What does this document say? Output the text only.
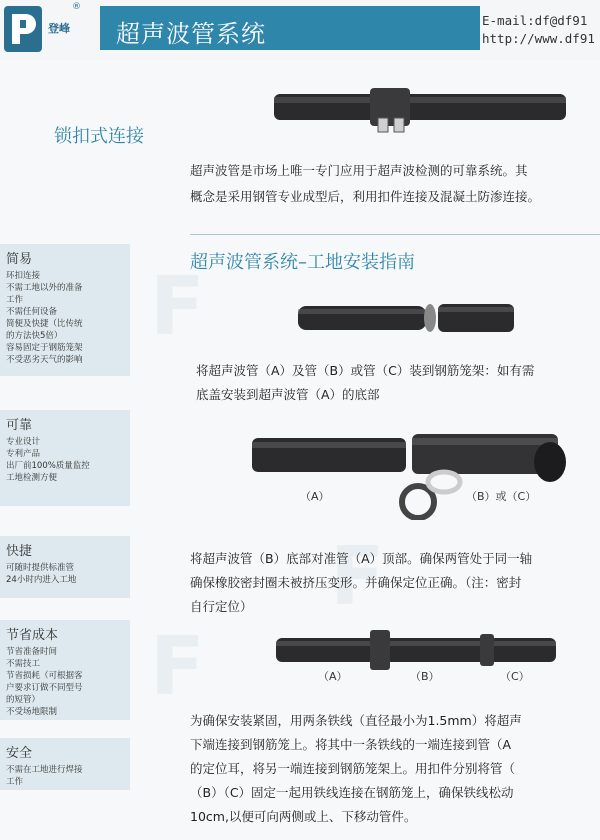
®
登峰 超声波管系统	E-mail:df@df91
http://www.df91
F
F
F
锁扣式连接
超声波管是市场上唯一专门应用于超声波检测的可靠系统。其
概念是采用钢管专业成型后，利用扣件连接及混凝土防渗连接。
超声波管系统–工地安装指南
简易
环扣连接
不需工地以外的准备
工作
不需任何设备
简便及快捷（比传统
的方法快5倍）
容易固定于钢筋笼架
不受恶劣天气的影响
可靠
专业设计
专利产品
出厂前100%质量监控
工地检测方便
快捷
可随时提供标准管
24小时内进入工地
节省成本
节省准备时间
不需技工
节省损耗（可根据客
户要求订做不同型号
的短管）
不受场地限制
安全
不需在工地进行焊接
工作
将超声波管（A）及管（B）或管（C）装到钢筋笼架：如有需
底盖安装到超声波管（A）的底部
（A）	（B）或（C）
将超声波管（B）底部对准管（A）顶部。确保两管处于同一轴
确保橡胶密封圈未被挤压变形。并确保定位正确。（注：密封
自行定位）
（A）	（B）	（C）
为确保安装紧固，用两条铁线（直径最小为1.5mm）将超声
下端连接到钢筋笼上。将其中一条铁线的一端连接到管（A
的定位耳，将另一端连接到钢筋笼架上。用扣件分别将管（
（B）（C）固定一起用铁线连接在钢筋笼上，确保铁线松动
10cm,以便可向两侧或上、下移动管件。
